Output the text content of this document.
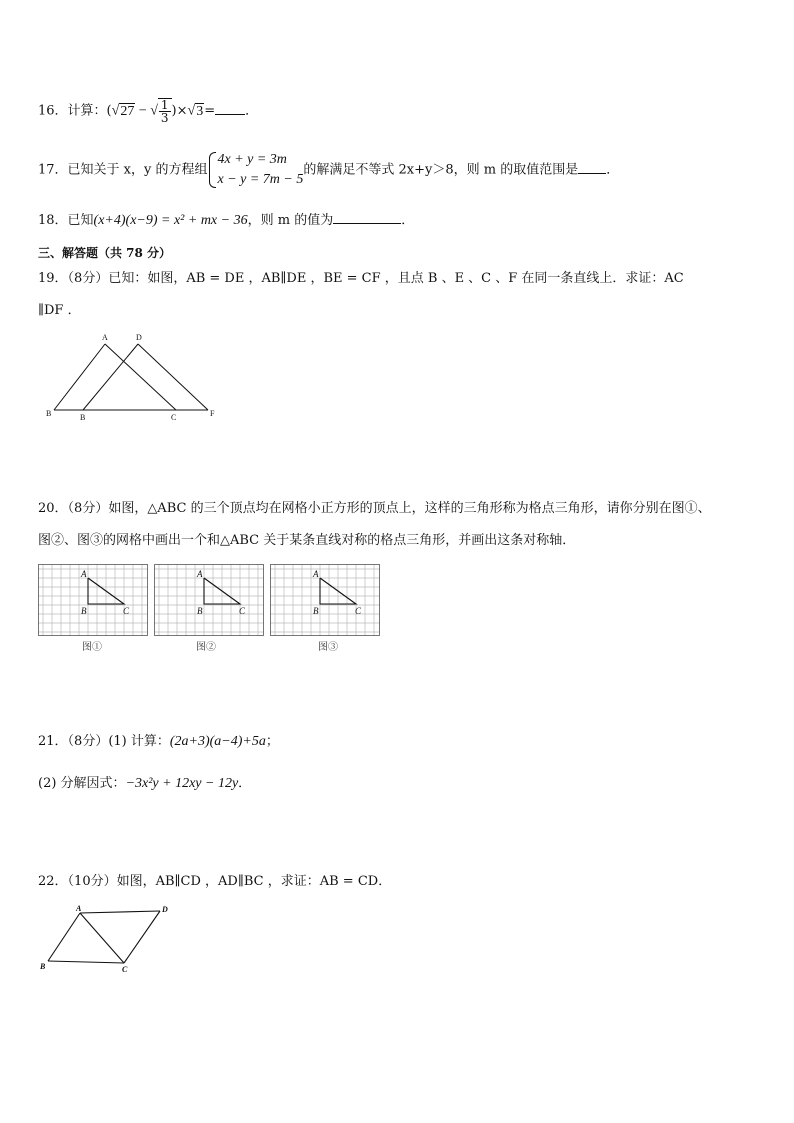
16．计算：(√27 − √ $\frac{1}{3} )\times√3=$ ．
17．已知关于 x，y 的方程组
4x + y = 3m
x − y = 7m − 5
的解满足不等式 2x+y＞8，则 m 的取值范围是 ．
18．已知(x+4)(x−9) = x² + mx − 36，则 m 的值为	．
三、解答题（共 78 分）
19．（8分）已知：如图，AB = DE ，AB∥DE ，BE = CF ，且点 B 、E 、C 、F 在同一条直线上．求证：AC
∥DF ．
A	D
B	B	C	F
20．（8分）如图，△ABC 的三个顶点均在网格小正方形的顶点上，这样的三角形称为格点三角形，请你分别在图①、
图②、图③的网格中画出一个和△ABC 关于某条直线对称的格点三角形，并画出这条对称轴．
A
B	C
图①
A
B	C
图②
A
B	C
图③
21．（8分）(1) 计算：(2a+3)(a−4)+5a；
(2) 分解因式：−3x²y + 12xy − 12y．
22．（10分）如图，AB∥CD ，AD∥BC ，求证：AB = CD．
A	D
B	C
